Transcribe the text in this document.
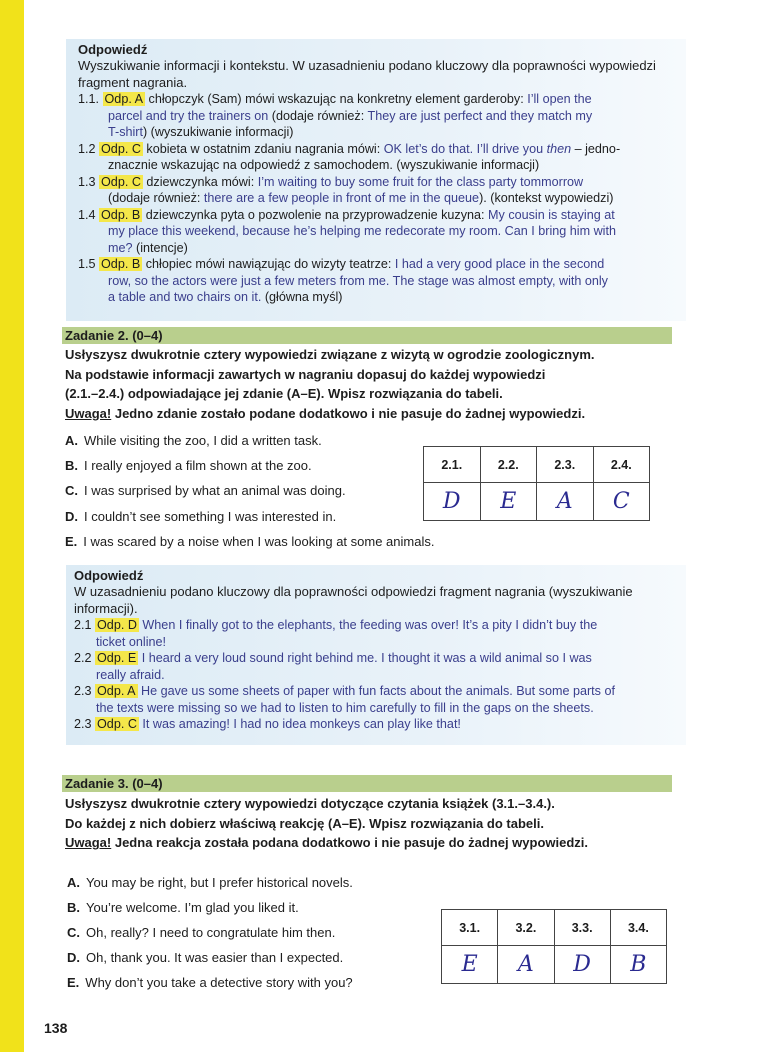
Odpowiedź
Wyszukiwanie informacji i kontekstu. W uzasadnieniu podano kluczowy dla poprawności wypowiedzi fragment nagrania.
1.1. Odp. A chłopczyk (Sam) mówi wskazując na konkretny element garderoby: I’ll open the
parcel and try the trainers on (dodaje również: They are just perfect and they match my
T-shirt) (wyszukiwanie informacji)
1.2 Odp. C kobieta w ostatnim zdaniu nagrania mówi: OK let’s do that. I’ll drive you then – jedno-
znacznie wskazując na odpowiedź z samochodem. (wyszukiwanie informacji)
1.3 Odp. C dziewczynka mówi: I’m waiting to buy some fruit for the class party tommorrow
(dodaje również: there are a few people in front of me in the queue). (kontekst wypowiedzi)
1.4 Odp. B dziewczynka pyta o pozwolenie na przyprowadzenie kuzyna: My cousin is staying at
my place this weekend, because he’s helping me redecorate my room. Can I bring him with
me? (intencje)
1.5 Odp. B chłopiec mówi nawiązując do wizyty teatrze: I had a very good place in the second
row, so the actors were just a few meters from me. The stage was almost empty, with only
a table and two chairs on it. (główna myśl)
Zadanie 2. (0–4)
Usłyszysz dwukrotnie cztery wypowiedzi związane z wizytą w ogrodzie zoologicznym.
Na podstawie informacji zawartych w nagraniu dopasuj do każdej wypowiedzi
(2.1.–2.4.) odpowiadające jej zdanie (A–E). Wpisz rozwiązania do tabeli.
Uwaga! Jedno zdanie zostało podane dodatkowo i nie pasuje do żadnej wypowiedzi.
A. While visiting the zoo, I did a written task.
B. I really enjoyed a film shown at the zoo.
C. I was surprised by what an animal was doing.
D. I couldn’t see something I was interested in.
E. I was scared by a noise when I was looking at some animals.
2.1.	2.2.	2.3.	2.4.
D	E	A	C
Odpowiedź
W uzasadnieniu podano kluczowy dla poprawności odpowiedzi fragment nagrania (wyszukiwanie informacji).
2.1 Odp. D When I finally got to the elephants, the feeding was over! It’s a pity I didn’t buy the
ticket online!
2.2 Odp. E I heard a very loud sound right behind me. I thought it was a wild animal so I was
really afraid.
2.3 Odp. A He gave us some sheets of paper with fun facts about the animals. But some parts of
the texts were missing so we had to listen to him carefully to fill in the gaps on the sheets.
2.3 Odp. C It was amazing! I had no idea monkeys can play like that!
Zadanie 3. (0–4)
Usłyszysz dwukrotnie cztery wypowiedzi dotyczące czytania książek (3.1.–3.4.).
Do każdej z nich dobierz właściwą reakcję (A–E). Wpisz rozwiązania do tabeli.
Uwaga! Jedna reakcja została podana dodatkowo i nie pasuje do żadnej wypowiedzi.
A. You may be right, but I prefer historical novels.
B. You’re welcome. I’m glad you liked it.
C. Oh, really? I need to congratulate him then.
D. Oh, thank you. It was easier than I expected.
E. Why don’t you take a detective story with you?
3.1.	3.2.	3.3.	3.4.
E	A	D	B
138
